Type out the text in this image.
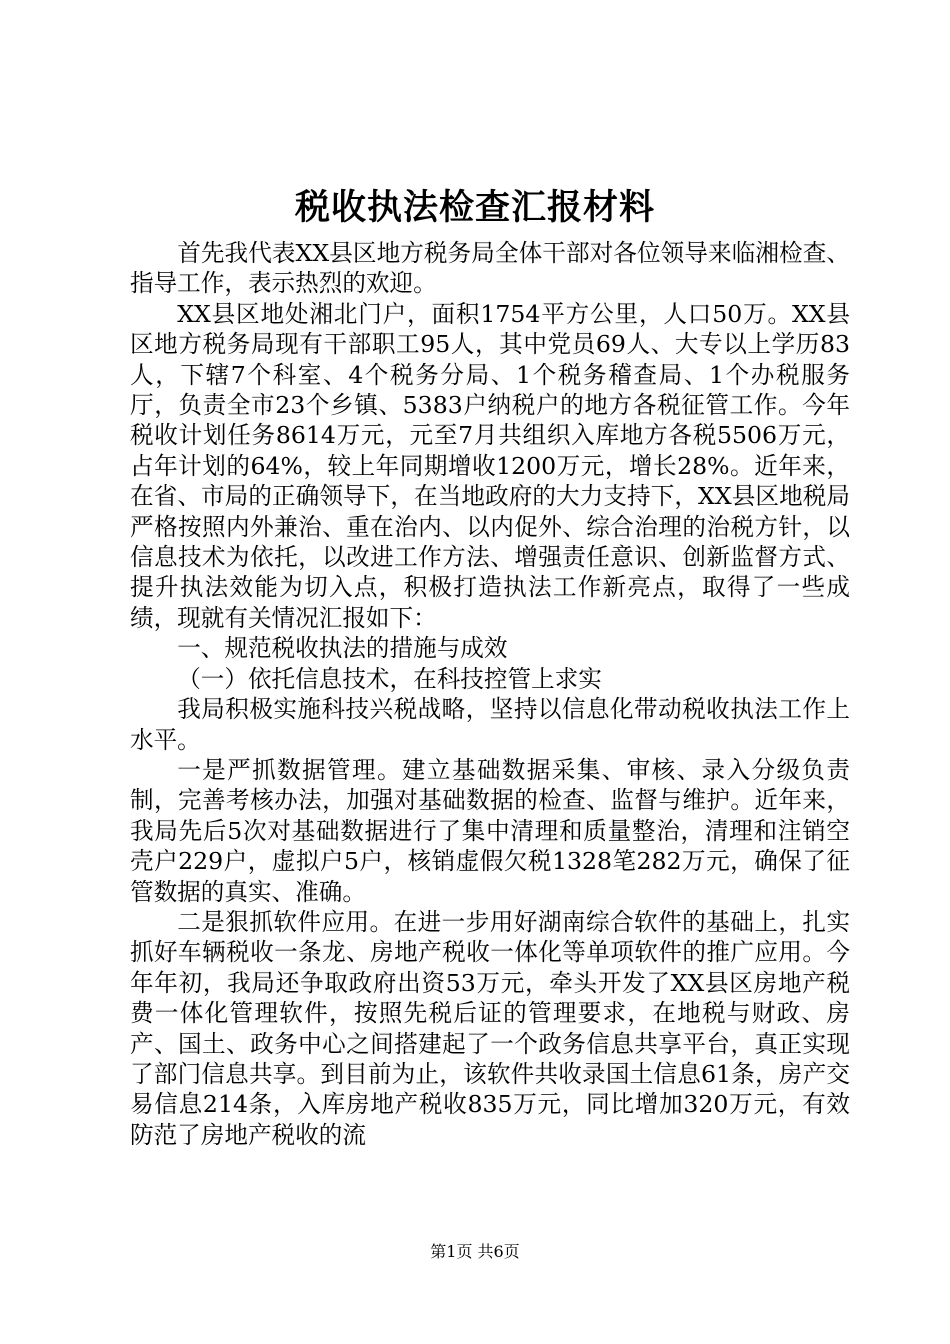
税收执法检查汇报材料

首先我代表XX县区地方税务局全体干部对各位领导来临湘检查、指导工作，表示热烈的欢迎。

XX县区地处湘北门户，面积1754平方公里，人口50万。XX县区地方税务局现有干部职工95人，其中党员69人、大专以上学历83人，下辖7个科室、4个税务分局、1个税务稽查局、1个办税服务厅，负责全市23个乡镇、5383户纳税户的地方各税征管工作。今年税收计划任务8614万元，元至7月共组织入库地方各税5506万元，占年计划的64%，较上年同期增收1200万元，增长28%。近年来，在省、市局的正确领导下，在当地政府的大力支持下，XX县区地税局严格按照内外兼治、重在治内、以内促外、综合治理的治税方针，以信息技术为依托，以改进工作方法、增强责任意识、创新监督方式、提升执法效能为切入点，积极打造执法工作新亮点，取得了一些成绩，现就有关情况汇报如下：

一、规范税收执法的措施与成效

（一）依托信息技术，在科技控管上求实

我局积极实施科技兴税战略，坚持以信息化带动税收执法工作上水平。

一是严抓数据管理。建立基础数据采集、审核、录入分级负责制，完善考核办法，加强对基础数据的检查、监督与维护。近年来，我局先后5次对基础数据进行了集中清理和质量整治，清理和注销空壳户229户，虚拟户5户，核销虚假欠税1328笔282万元，确保了征管数据的真实、准确。

二是狠抓软件应用。在进一步用好湖南综合软件的基础上，扎实抓好车辆税收一条龙、房地产税收一体化等单项软件的推广应用。今年年初，我局还争取政府出资53万元，牵头开发了XX县区房地产税费一体化管理软件，按照先税后证的管理要求，在地税与财政、房产、国土、政务中心之间搭建起了一个政务信息共享平台，真正实现了部门信息共享。到目前为止，该软件共收录国土信息61条，房产交易信息214条，入库房地产税收835万元，同比增加320万元，有效防范了房地产税收的流

第1页 共6页
